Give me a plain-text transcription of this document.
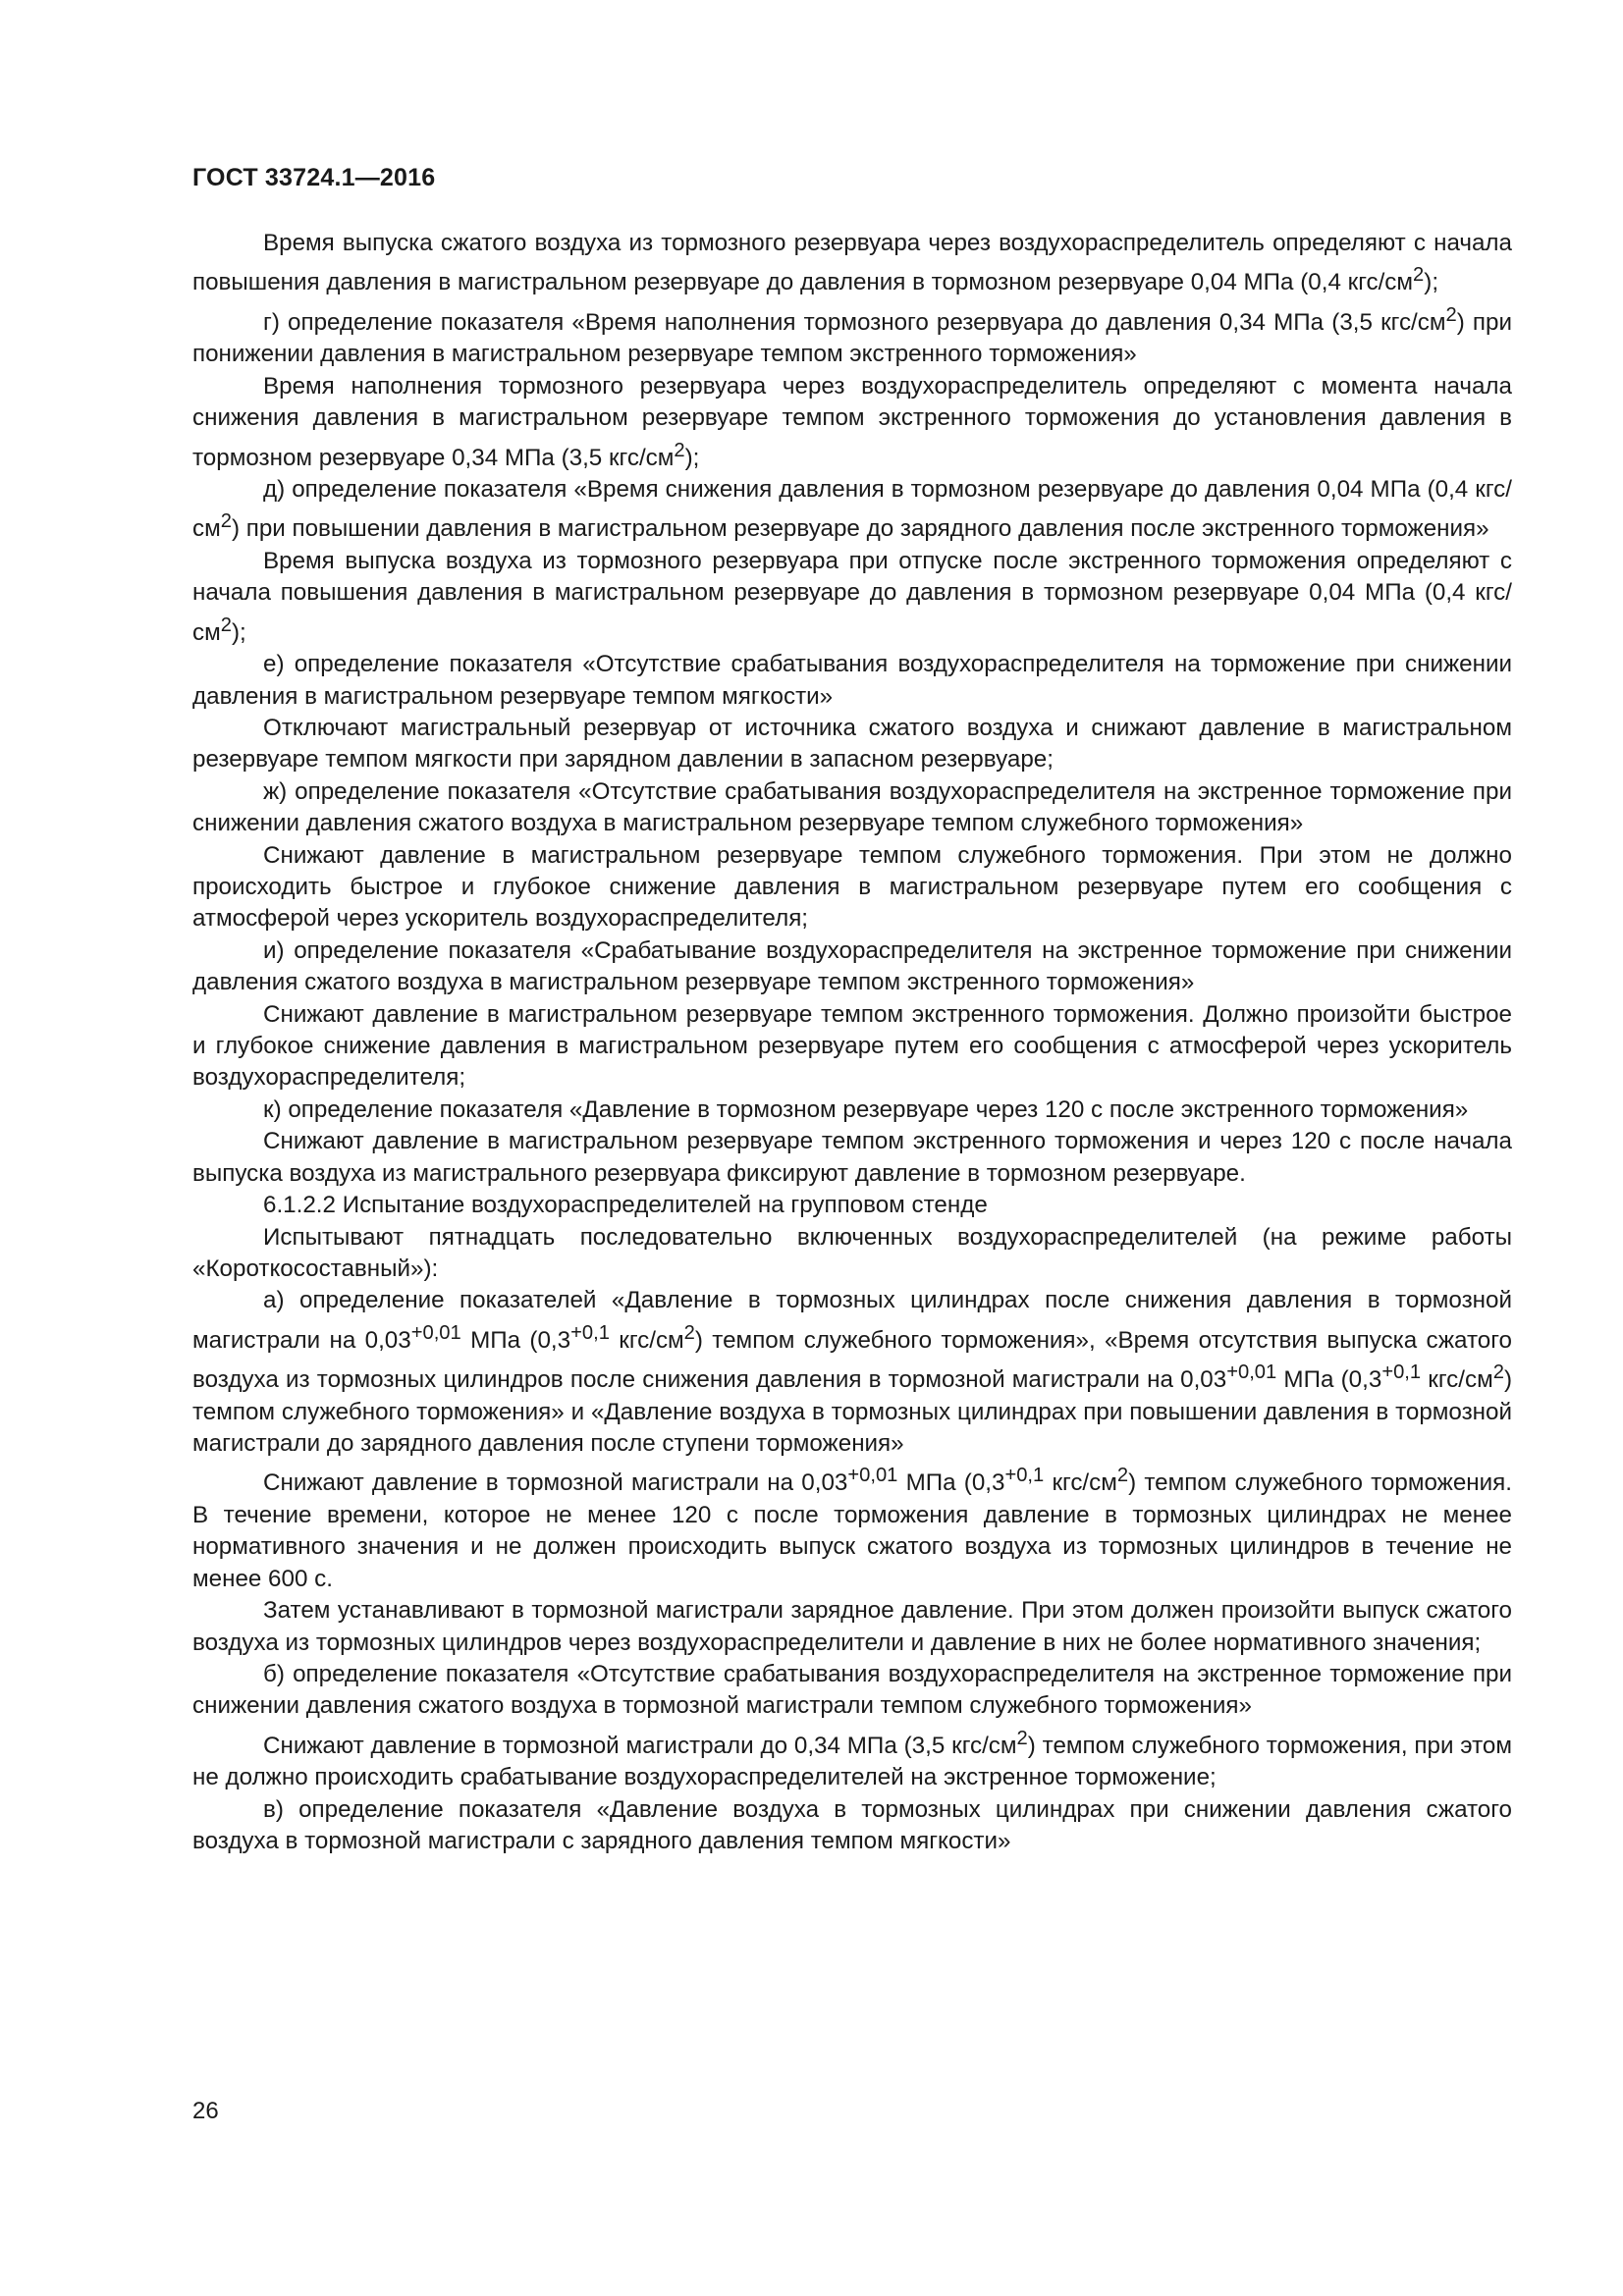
ГОСТ 33724.1—2016

Время выпуска сжатого воздуха из тормозного резервуара через воздухораспределитель определяют с начала повышения давления в магистральном резервуаре до давления в тормозном резервуаре 0,04 МПа (0,4 кгс/$см^2$);

г) определение показателя «Время наполнения тормозного резервуара до давления 0,34 МПа (3,5 кгс/$см^2$) при понижении давления в магистральном резервуаре темпом экстренного торможения»

Время наполнения тормозного резервуара через воздухораспределитель определяют с момента начала снижения давления в магистральном резервуаре темпом экстренного торможения до установления давления в тормозном резервуаре 0,34 МПа (3,5 кгс/$см^2$);

д) определение показателя «Время снижения давления в тормозном резервуаре до давления 0,04 МПа (0,4 кгс/$см^2$) при повышении давления в магистральном резервуаре до зарядного давления после экстренного торможения»

Время выпуска воздуха из тормозного резервуара при отпуске после экстренного торможения определяют с начала повышения давления в магистральном резервуаре до давления в тормозном резервуаре 0,04 МПа (0,4 кгс/$см^2$);

е) определение показателя «Отсутствие срабатывания воздухораспределителя на торможение при снижении давления в магистральном резервуаре темпом мягкости»

Отключают магистральный резервуар от источника сжатого воздуха и снижают давление в магистральном резервуаре темпом мягкости при зарядном давлении в запасном резервуаре;

ж) определение показателя «Отсутствие срабатывания воздухораспределителя на экстренное торможение при снижении давления сжатого воздуха в магистральном резервуаре темпом служебного торможения»

Снижают давление в магистральном резервуаре темпом служебного торможения. При этом не должно происходить быстрое и глубокое снижение давления в магистральном резервуаре путем его сообщения с атмосферой через ускоритель воздухораспределителя;

и) определение показателя «Срабатывание воздухораспределителя на экстренное торможение при снижении давления сжатого воздуха в магистральном резервуаре темпом экстренного торможения»

Снижают давление в магистральном резервуаре темпом экстренного торможения. Должно произойти быстрое и глубокое снижение давления в магистральном резервуаре путем его сообщения с атмосферой через ускоритель воздухораспределителя;

к) определение показателя «Давление в тормозном резервуаре через 120 с после экстренного торможения»

Снижают давление в магистральном резервуаре темпом экстренного торможения и через 120 с после начала выпуска воздуха из магистрального резервуара фиксируют давление в тормозном резервуаре.

6.1.2.2 Испытание воздухораспределителей на групповом стенде

Испытывают пятнадцать последовательно включенных воздухораспределителей (на режиме работы «Короткосоставный»):

а) определение показателей «Давление в тормозных цилиндрах после снижения давления в тормозной магистрали на $0,03^{+0,01}$ МПа ($0,3^{+0,1}$ кгс/$см^2$) темпом служебного торможения», «Время отсутствия выпуска сжатого воздуха из тормозных цилиндров после снижения давления в тормозной магистрали на $0,03^{+0,01}$ МПа ($0,3^{+0,1}$ кгс/$см^2$) темпом служебного торможения» и «Давление воздуха в тормозных цилиндрах при повышении давления в тормозной магистрали до зарядного давления после ступени торможения»

Снижают давление в тормозной магистрали на $0,03^{+0,01}$ МПа ($0,3^{+0,1}$ кгс/$см^2$) темпом служебного торможения. В течение времени, которое не менее 120 с после торможения давление в тормозных цилиндрах не менее нормативного значения и не должен происходить выпуск сжатого воздуха из тормозных цилиндров в течение не менее 600 с.

Затем устанавливают в тормозной магистрали зарядное давление. При этом должен произойти выпуск сжатого воздуха из тормозных цилиндров через воздухораспределители и давление в них не более нормативного значения;

б) определение показателя «Отсутствие срабатывания воздухораспределителя на экстренное торможение при снижении давления сжатого воздуха в тормозной магистрали темпом служебного торможения»

Снижают давление в тормозной магистрали до 0,34 МПа (3,5 кгс/$см^2$) темпом служебного торможения, при этом не должно происходить срабатывание воздухораспределителей на экстренное торможение;

в) определение показателя «Давление воздуха в тормозных цилиндрах при снижении давления сжатого воздуха в тормозной магистрали с зарядного давления темпом мягкости»

26
